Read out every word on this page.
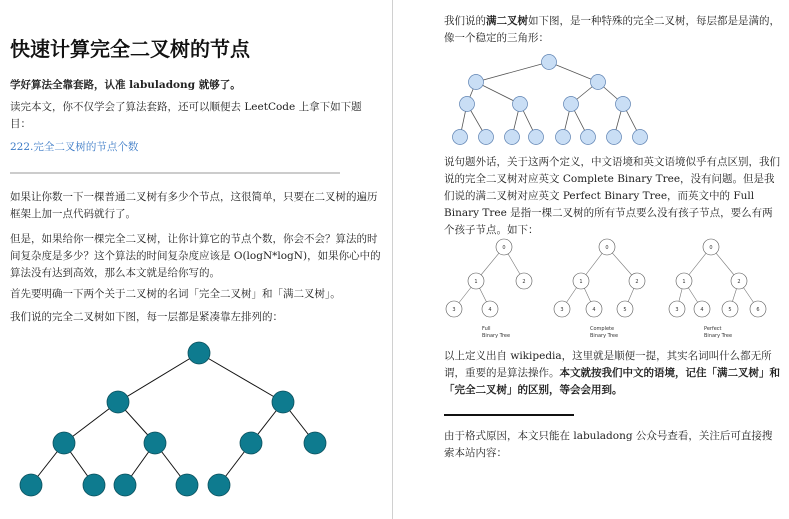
快速计算完全二叉树的节点

学好算法全靠套路，认准 labuladong 就够了。

读完本文，你不仅学会了算法套路，还可以顺便去 LeetCode 上拿下如下题目：

222.完全二叉树的节点个数

如果让你数一下一棵普通二叉树有多少个节点，这很简单，只要在二叉树的遍历框架上加一点代码就行了。

但是，如果给你一棵完全二叉树，让你计算它的节点个数，你会不会？算法的时间复杂度是多少？这个算法的时间复杂度应该是 O(logN*logN)，如果你心中的算法没有达到高效，那么本文就是给你写的。

首先要明确一下两个关于二叉树的名词「完全二叉树」和「满二叉树」。

我们说的完全二叉树如下图，每一层都是紧凑靠左排列的：

我们说的满二叉树如下图，是一种特殊的完全二叉树，每层都是是满的，像一个稳定的三角形：

说句题外话，关于这两个定义，中文语境和英文语境似乎有点区别，我们说的完全二叉树对应英文 Complete Binary Tree，没有问题。但是我们说的满二叉树对应英文 Perfect Binary Tree，而英文中的 Full Binary Tree 是指一棵二叉树的所有节点要么没有孩子节点，要么有两个孩子节点。如下：

0
1	2
3	4
Full
Binary Tree
0
1	2
3	4	5
Complete
Binary Tree
0
1	2
3	4	5	6
Perfect
Binary Tree

以上定义出自 wikipedia，这里就是顺便一提，其实名词叫什么都无所谓，重要的是算法操作。本文就按我们中文的语境，记住「满二叉树」和「完全二叉树」的区别，等会会用到。

由于格式原因，本文只能在 labuladong 公众号查看，关注后可直接搜索本站内容：
